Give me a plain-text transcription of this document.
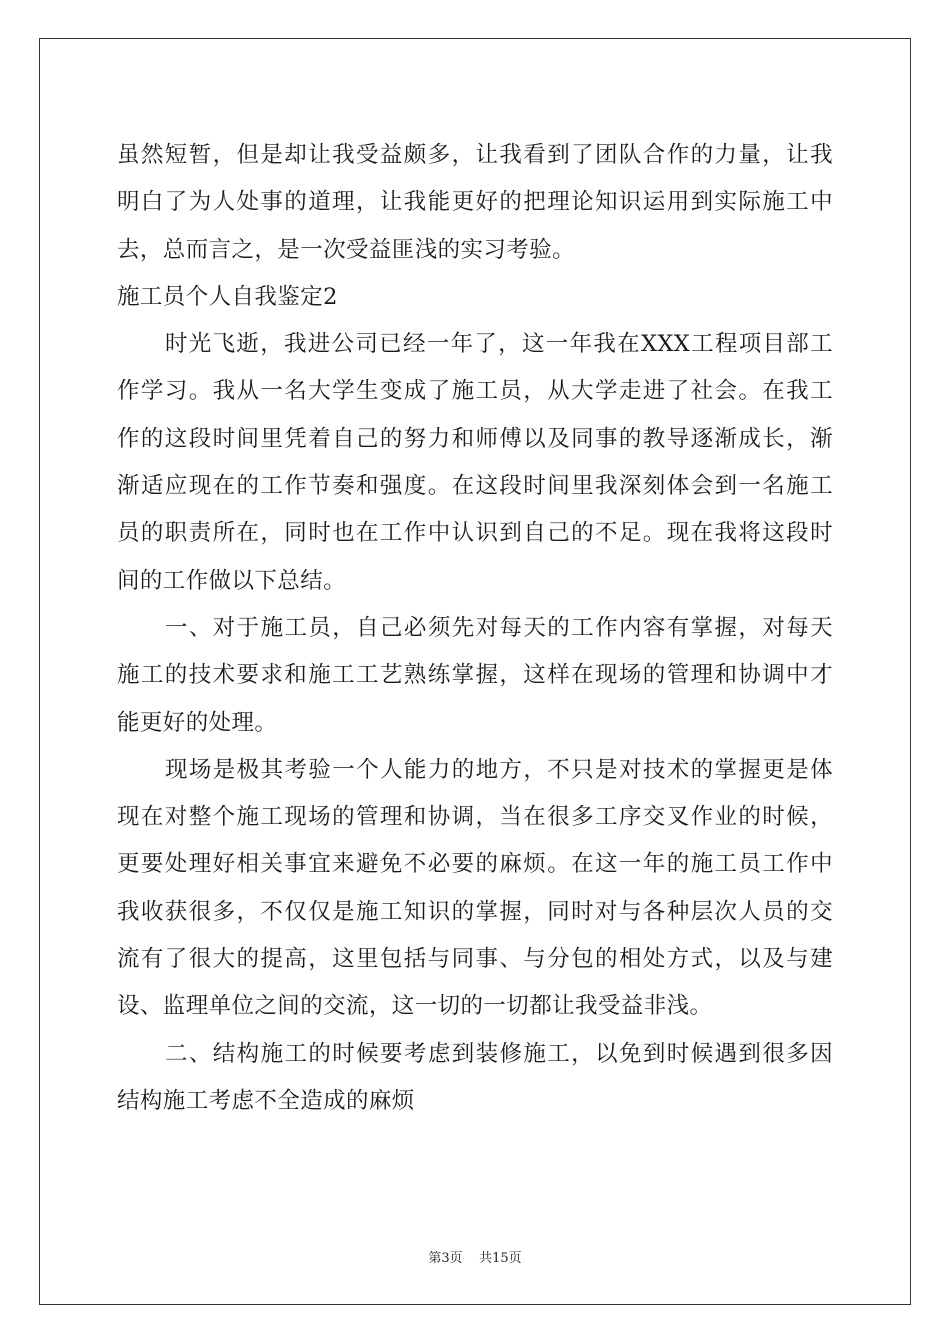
虽然短暂，但是却让我受益颇多，让我看到了团队合作的力量，让我
明白了为人处事的道理，让我能更好的把理论知识运用到实际施工中
去，总而言之，是一次受益匪浅的实习考验。
施工员个人自我鉴定2
时光飞逝，我进公司已经一年了，这一年我在XXX工程项目部工
作学习。我从一名大学生变成了施工员，从大学走进了社会。在我工
作的这段时间里凭着自己的努力和师傅以及同事的教导逐渐成长，渐
渐适应现在的工作节奏和强度。在这段时间里我深刻体会到一名施工
员的职责所在，同时也在工作中认识到自己的不足。现在我将这段时
间的工作做以下总结。
一、对于施工员，自己必须先对每天的工作内容有掌握，对每天
施工的技术要求和施工工艺熟练掌握，这样在现场的管理和协调中才
能更好的处理。
现场是极其考验一个人能力的地方，不只是对技术的掌握更是体
现在对整个施工现场的管理和协调，当在很多工序交叉作业的时候，
更要处理好相关事宜来避免不必要的麻烦。在这一年的施工员工作中
我收获很多，不仅仅是施工知识的掌握，同时对与各种层次人员的交
流有了很大的提高，这里包括与同事、与分包的相处方式，以及与建
设、监理单位之间的交流，这一切的一切都让我受益非浅。
二、结构施工的时候要考虑到装修施工，以免到时候遇到很多因
结构施工考虑不全造成的麻烦
第3页 共15页
